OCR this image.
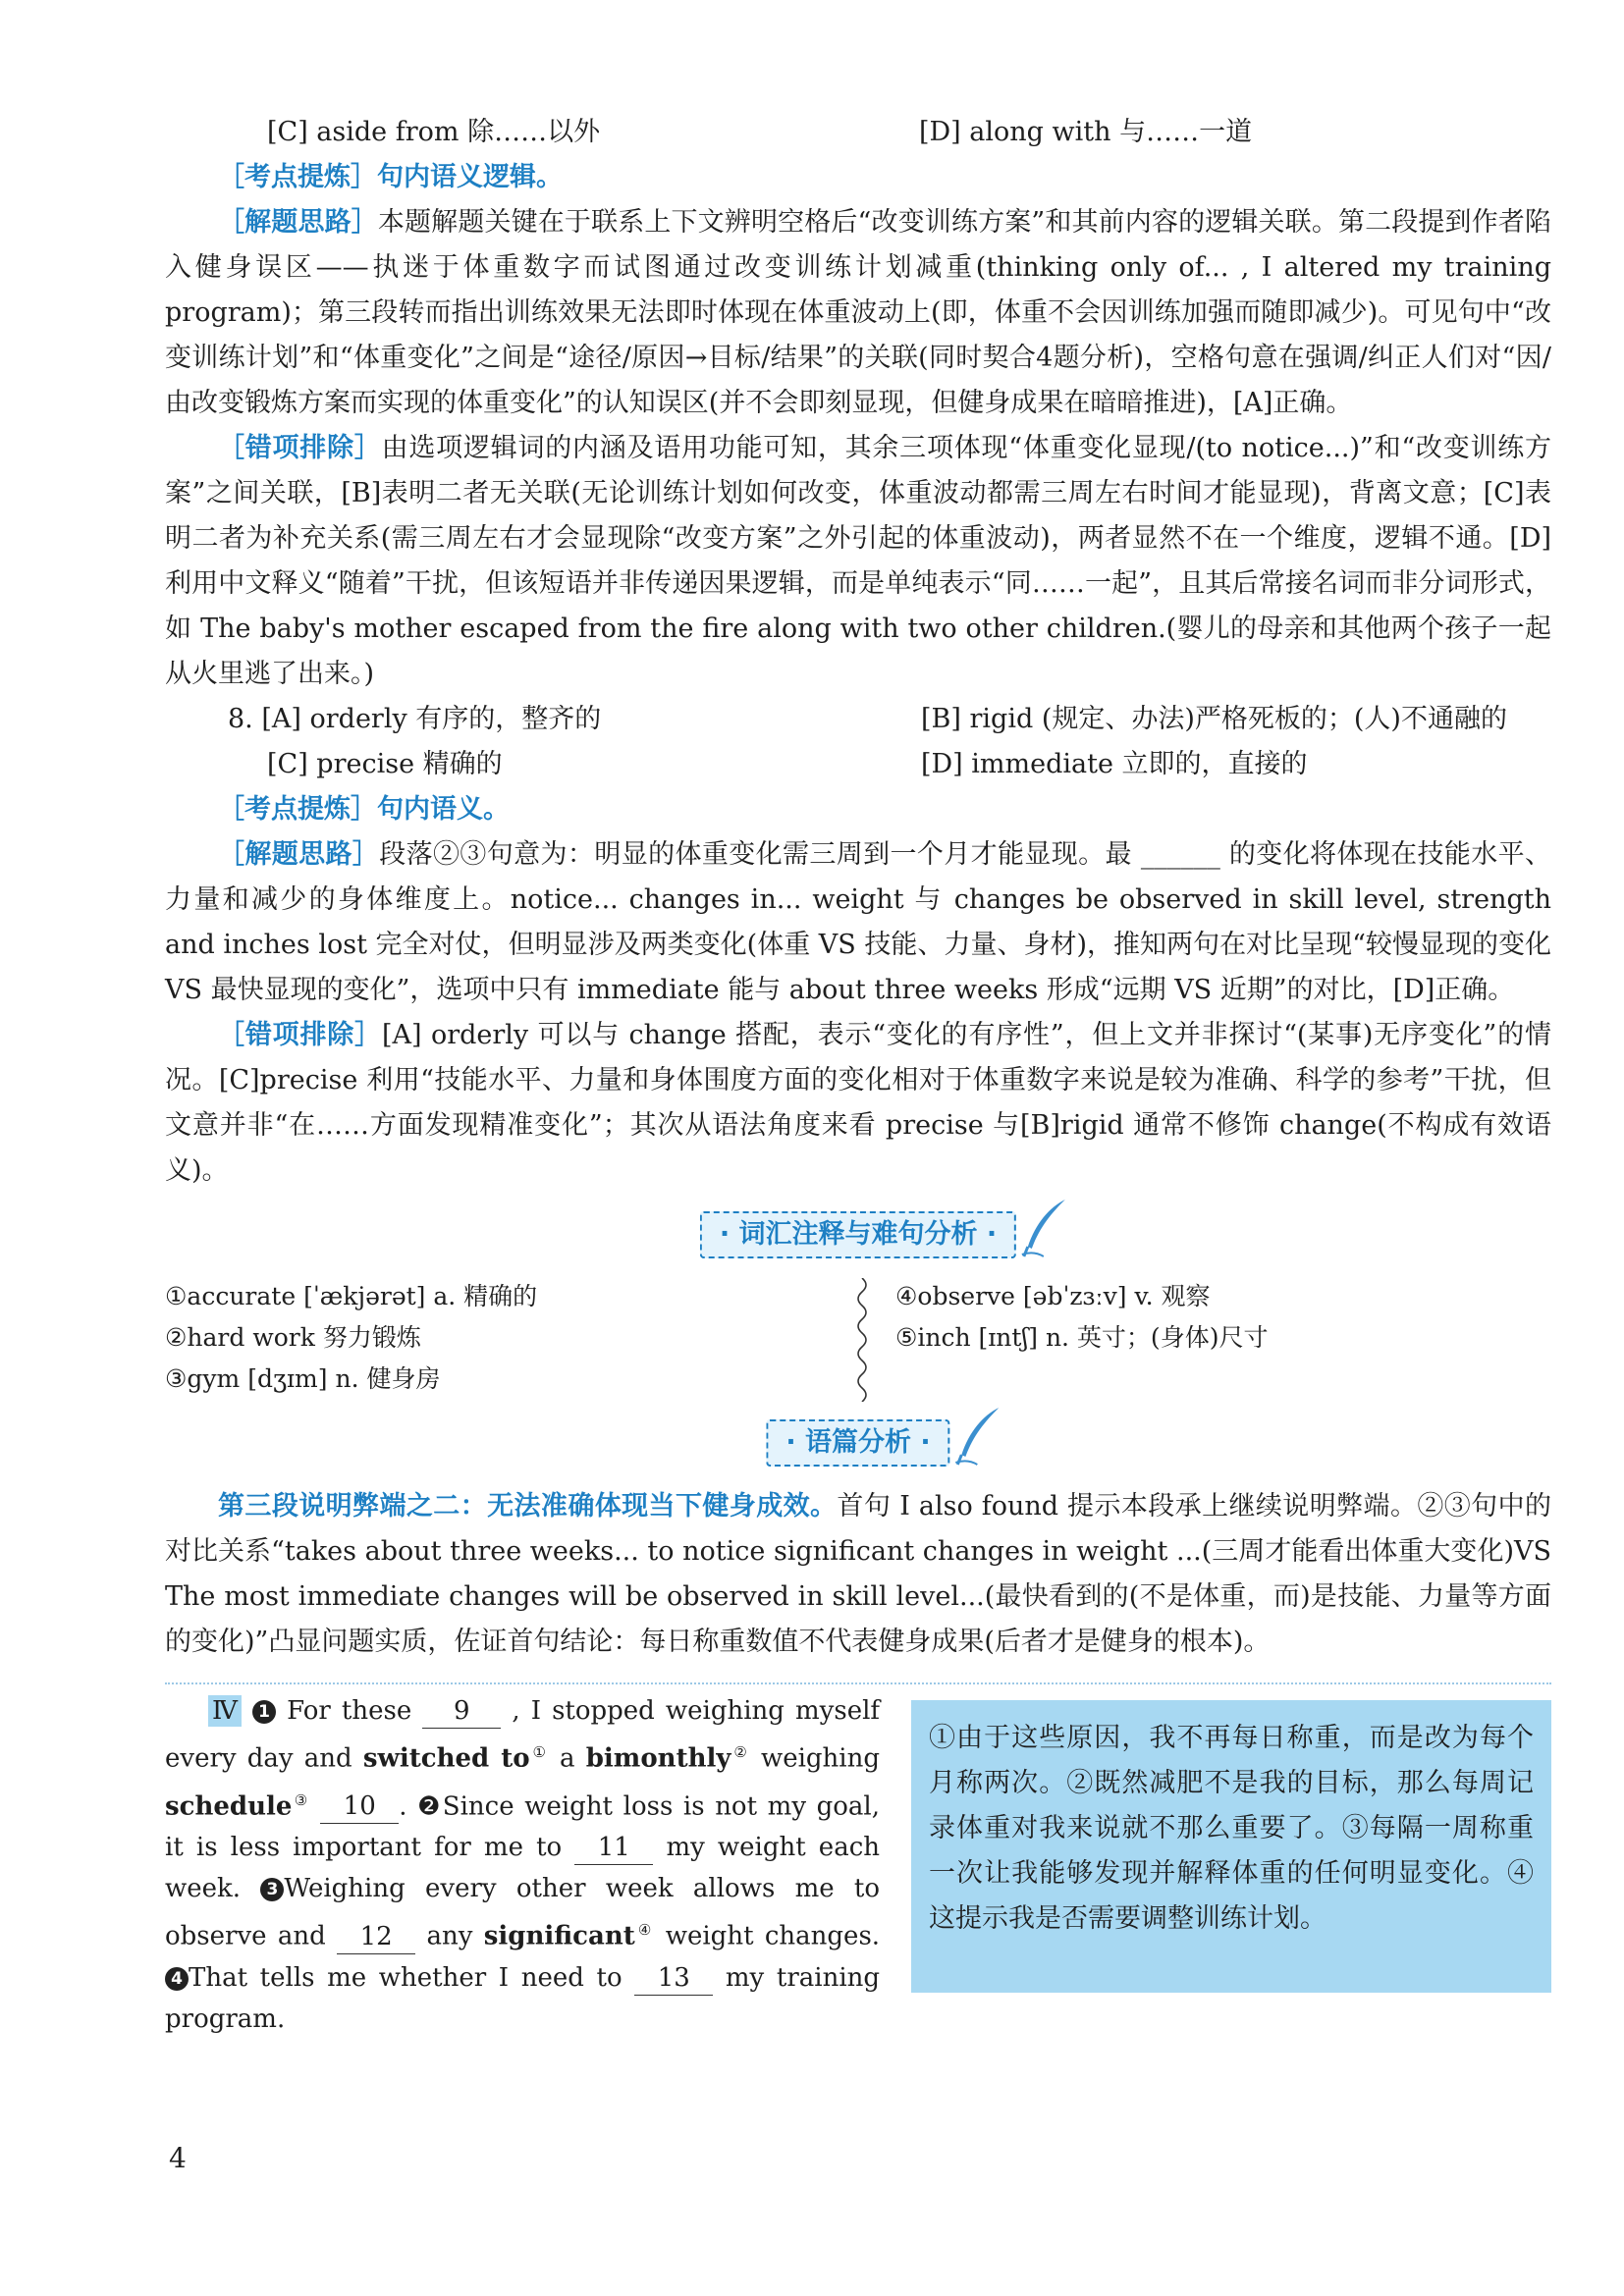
[C] aside from 除……以外	[D] along with 与……一道

［考点提炼］句内语义逻辑。

［解题思路］本题解题关键在于联系上下文辨明空格后“改变训练方案”和其前内容的逻辑关联。第二段提到作者陷入健身误区——执迷于体重数字而试图通过改变训练计划减重(thinking only of... , I altered my training program)；第三段转而指出训练效果无法即时体现在体重波动上(即，体重不会因训练加强而随即减少)。可见句中“改变训练计划”和“体重变化”之间是“途径/原因→目标/结果”的关联(同时契合4题分析)，空格句意在强调/纠正人们对“因/由改变锻炼方案而实现的体重变化”的认知误区(并不会即刻显现，但健身成果在暗暗推进)，[A]正确。

［错项排除］由选项逻辑词的内涵及语用功能可知，其余三项体现“体重变化显现/(to notice...)”和“改变训练方案”之间关联，[B]表明二者无关联(无论训练计划如何改变，体重波动都需三周左右时间才能显现)，背离文意；[C]表明二者为补充关系(需三周左右才会显现除“改变方案”之外引起的体重波动)，两者显然不在一个维度，逻辑不通。[D]利用中文释义“随着”干扰，但该短语并非传递因果逻辑，而是单纯表示“同……一起”，且其后常接名词而非分词形式，如 The baby's mother escaped from the fire along with two other children.(婴儿的母亲和其他两个孩子一起从火里逃了出来。)

8. [A] orderly 有序的，整齐的	[B] rigid (规定、办法)严格死板的；(人)不通融的
[C] precise 精确的	[D] immediate 立即的，直接的

［考点提炼］句内语义。

［解题思路］段落②③句意为：明显的体重变化需三周到一个月才能显现。最 ______ 的变化将体现在技能水平、力量和减少的身体维度上。notice... changes in... weight 与 changes be observed in skill level, strength and inches lost 完全对仗，但明显涉及两类变化(体重 VS 技能、力量、身材)，推知两句在对比呈现“较慢显现的变化 VS 最快显现的变化”，选项中只有 immediate 能与 about three weeks 形成“远期 VS 近期”的对比，[D]正确。

［错项排除］[A] orderly 可以与 change 搭配，表示“变化的有序性”，但上文并非探讨“(某事)无序变化”的情况。[C]precise 利用“技能水平、力量和身体围度方面的变化相对于体重数字来说是较为准确、科学的参考”干扰，但文意并非“在……方面发现精准变化”；其次从语法角度来看 precise 与[B]rigid 通常不修饰 change(不构成有效语义)。

· 词汇注释与难句分析 ·
①accurate [ˈækjərət] a. 精确的
②hard work 努力锻炼
③gym [dʒɪm] n. 健身房
④observe [əbˈzɜːv] v. 观察
⑤inch [ɪntʃ] n. 英寸；(身体)尺寸
· 语篇分析 ·

第三段说明弊端之二：无法准确体现当下健身成效。首句 I also found 提示本段承上继续说明弊端。②③句中的对比关系“takes about three weeks... to notice significant changes in weight ...(三周才能看出体重大变化)VS The most immediate changes will be observed in skill level...(最快看到的(不是体重，而)是技能、力量等方面的变化)”凸显问题实质，佐证首句结论：每日称重数值不代表健身成果(后者才是健身的根本)。

Ⅳ 1 For these 9 , I stopped weighing myself every day and switched to① a bimonthly② weighing schedule③ 10 . ❷Since weight loss is not my goal, it is less important for me to 11 my weight each week. 3 Weighing every other week allows me to observe and 12 any significant④ weight changes. 4 That tells me whether I need to 13 my training program.
①由于这些原因，我不再每日称重，而是改为每个月称两次。②既然减肥不是我的目标，那么每周记录体重对我来说就不那么重要了。③每隔一周称重一次让我能够发现并解释体重的任何明显变化。④这提示我是否需要调整训练计划。
4
